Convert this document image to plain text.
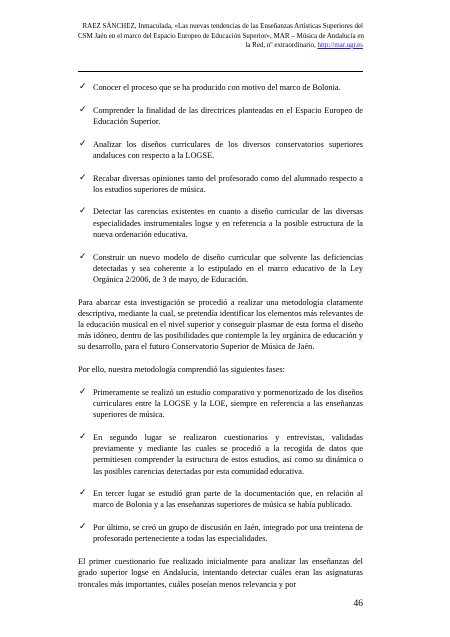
RAEZ SÁNCHEZ, Inmaculada, «Las nuevas tendencias de las Enseñanzas Artísticas Superiores del
CSM Jaén en el marco del Espacio Europeo de Educación Superior», MAR – Música de Andalucía en
la Red, nº extraordinario, http://mar.ugr.es
✓ Conocer el proceso que se ha producido con motivo del marco de Bolonia.
✓ Comprender la finalidad de las directrices planteadas en el Espacio Europeo de Educación Superior.
✓ Analizar los diseños curriculares de los diversos conservatorios superiores andaluces con respecto a la LOGSE.
✓ Recabar diversas opiniones tanto del profesorado como del alumnado respecto a los estudios superiores de música.
✓ Detectar las carencias existentes en cuanto a diseño curricular de las diversas especialidades instrumentales logse y en referencia a la posible estructura de la nueva ordenación educativa.
✓ Construir un nuevo modelo de diseño curricular que solvente las deficiencias detectadas y sea coherente a lo estipulado en el marco educativo de la Ley Orgánica 2/2006, de 3 de mayo, de Educación.

Para abarcar esta investigación se procedió a realizar una metodología claramente descriptiva, mediante la cual, se pretendía identificar los elementos más relevantes de la educación musical en el nivel superior y conseguir plasmar de esta forma el diseño más idóneo, dentro de las posibilidades que contemple la ley orgánica de educación y su desarrollo, para el futuro Conservatorio Superior de Música de Jaén.

Por ello, nuestra metodología comprendió las siguientes fases:

✓ Primeramente se realizó un estudio comparativo y pormenorizado de los diseños curriculares entre la LOGSE y la LOE, siempre en referencia a las enseñanzas superiores de música.
✓ En segundo lugar se realizaron cuestionarios y entrevistas, validadas previamente y mediante las cuales se procedió a la recogida de datos que permitiesen comprender la estructura de estos estudios, así como su dinámica o las posibles carencias detectadas por esta comunidad educativa.
✓ En tercer lugar se estudió gran parte de la documentación que, en relación al marco de Bolonia y a las enseñanzas superiores de música se había publicado.
✓ Por último, se creó un grupo de discusión en Jaén, integrado por una treintena de profesorado perteneciente a todas las especialidades.

El primer cuestionario fue realizado inicialmente para analizar las enseñanzas del grado superior logse en Andalucía, intentando detectar cuáles eran las asignaturas troncales más importantes, cuáles poseían menos relevancia y por

46
